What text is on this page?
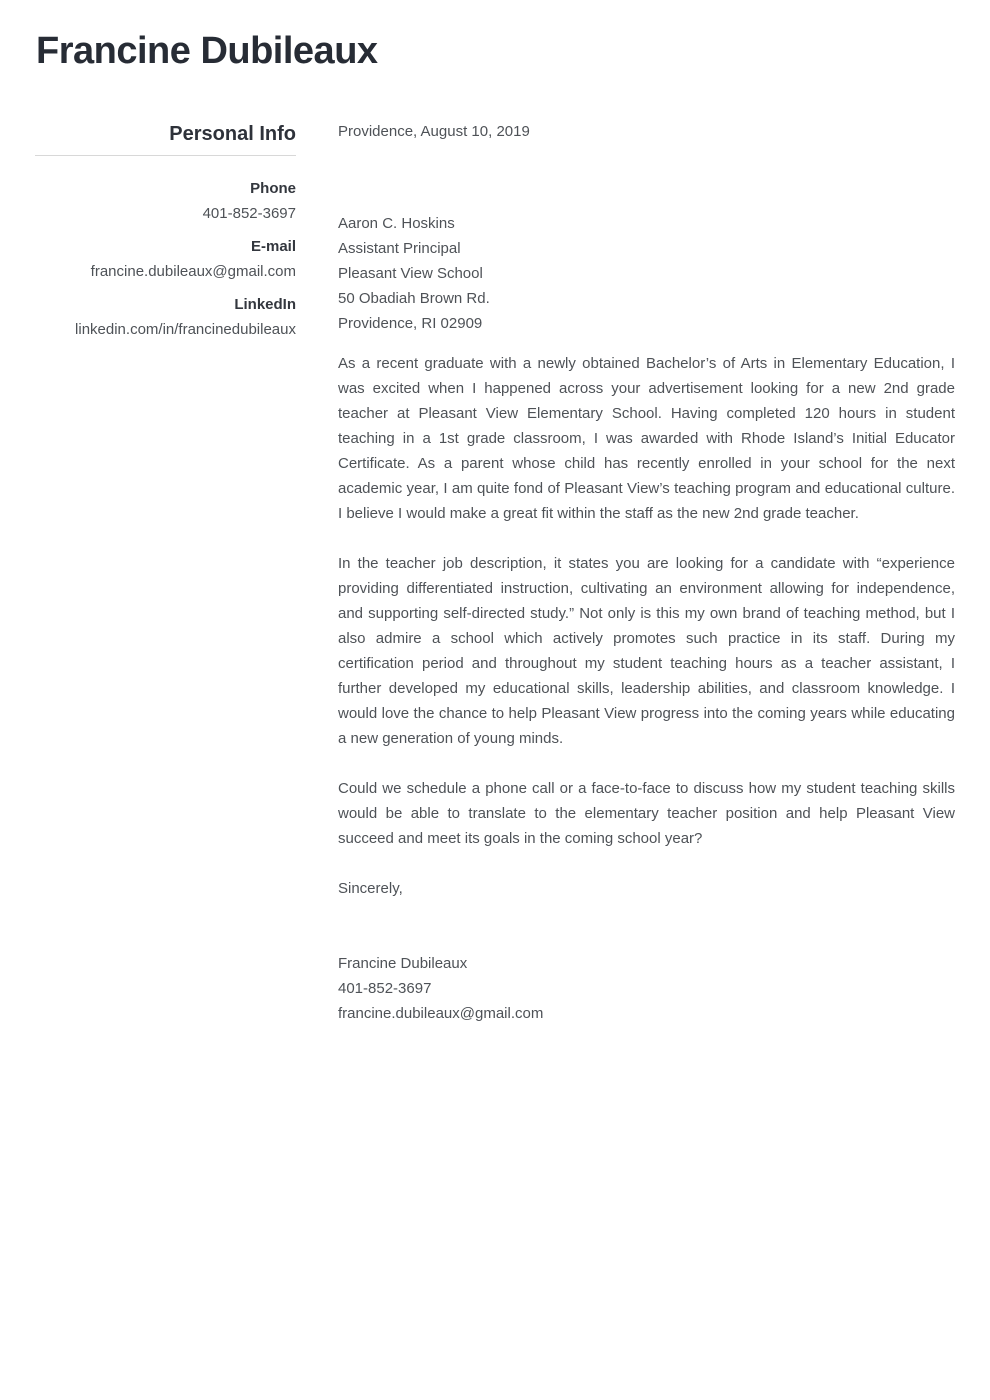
Francine Dubileaux
Personal Info
Phone
401-852-3697
E-mail
francine.dubileaux@gmail.com
LinkedIn
linkedin.com/in/francinedubileaux

Providence, August 10, 2019

Aaron C. Hoskins
Assistant Principal
Pleasant View School
50 Obadiah Brown Rd.
Providence, RI 02909

As a recent graduate with a newly obtained Bachelor’s of Arts in Elementary Education, I was excited when I happened across your advertisement looking for a new 2nd grade teacher at Pleasant View Elementary School. Having completed 120 hours in student teaching in a 1st grade classroom, I was awarded with Rhode Island’s Initial Educator Certificate. As a parent whose child has recently enrolled in your school for the next academic year, I am quite fond of Pleasant View’s teaching program and educational culture. I believe I would make a great fit within the staff as the new 2nd grade teacher.

In the teacher job description, it states you are looking for a candidate with “experience providing differentiated instruction, cultivating an environment allowing for independence, and supporting self-directed study.” Not only is this my own brand of teaching method, but I also admire a school which actively promotes such practice in its staff. During my certification period and throughout my student teaching hours as a teacher assistant, I further developed my educational skills, leadership abilities, and classroom knowledge. I would love the chance to help Pleasant View progress into the coming years while educating a new generation of young minds.

Could we schedule a phone call or a face-to-face to discuss how my student teaching skills would be able to translate to the elementary teacher position and help Pleasant View succeed and meet its goals in the coming school year?

Sincerely,

Francine Dubileaux
401-852-3697
francine.dubileaux@gmail.com
